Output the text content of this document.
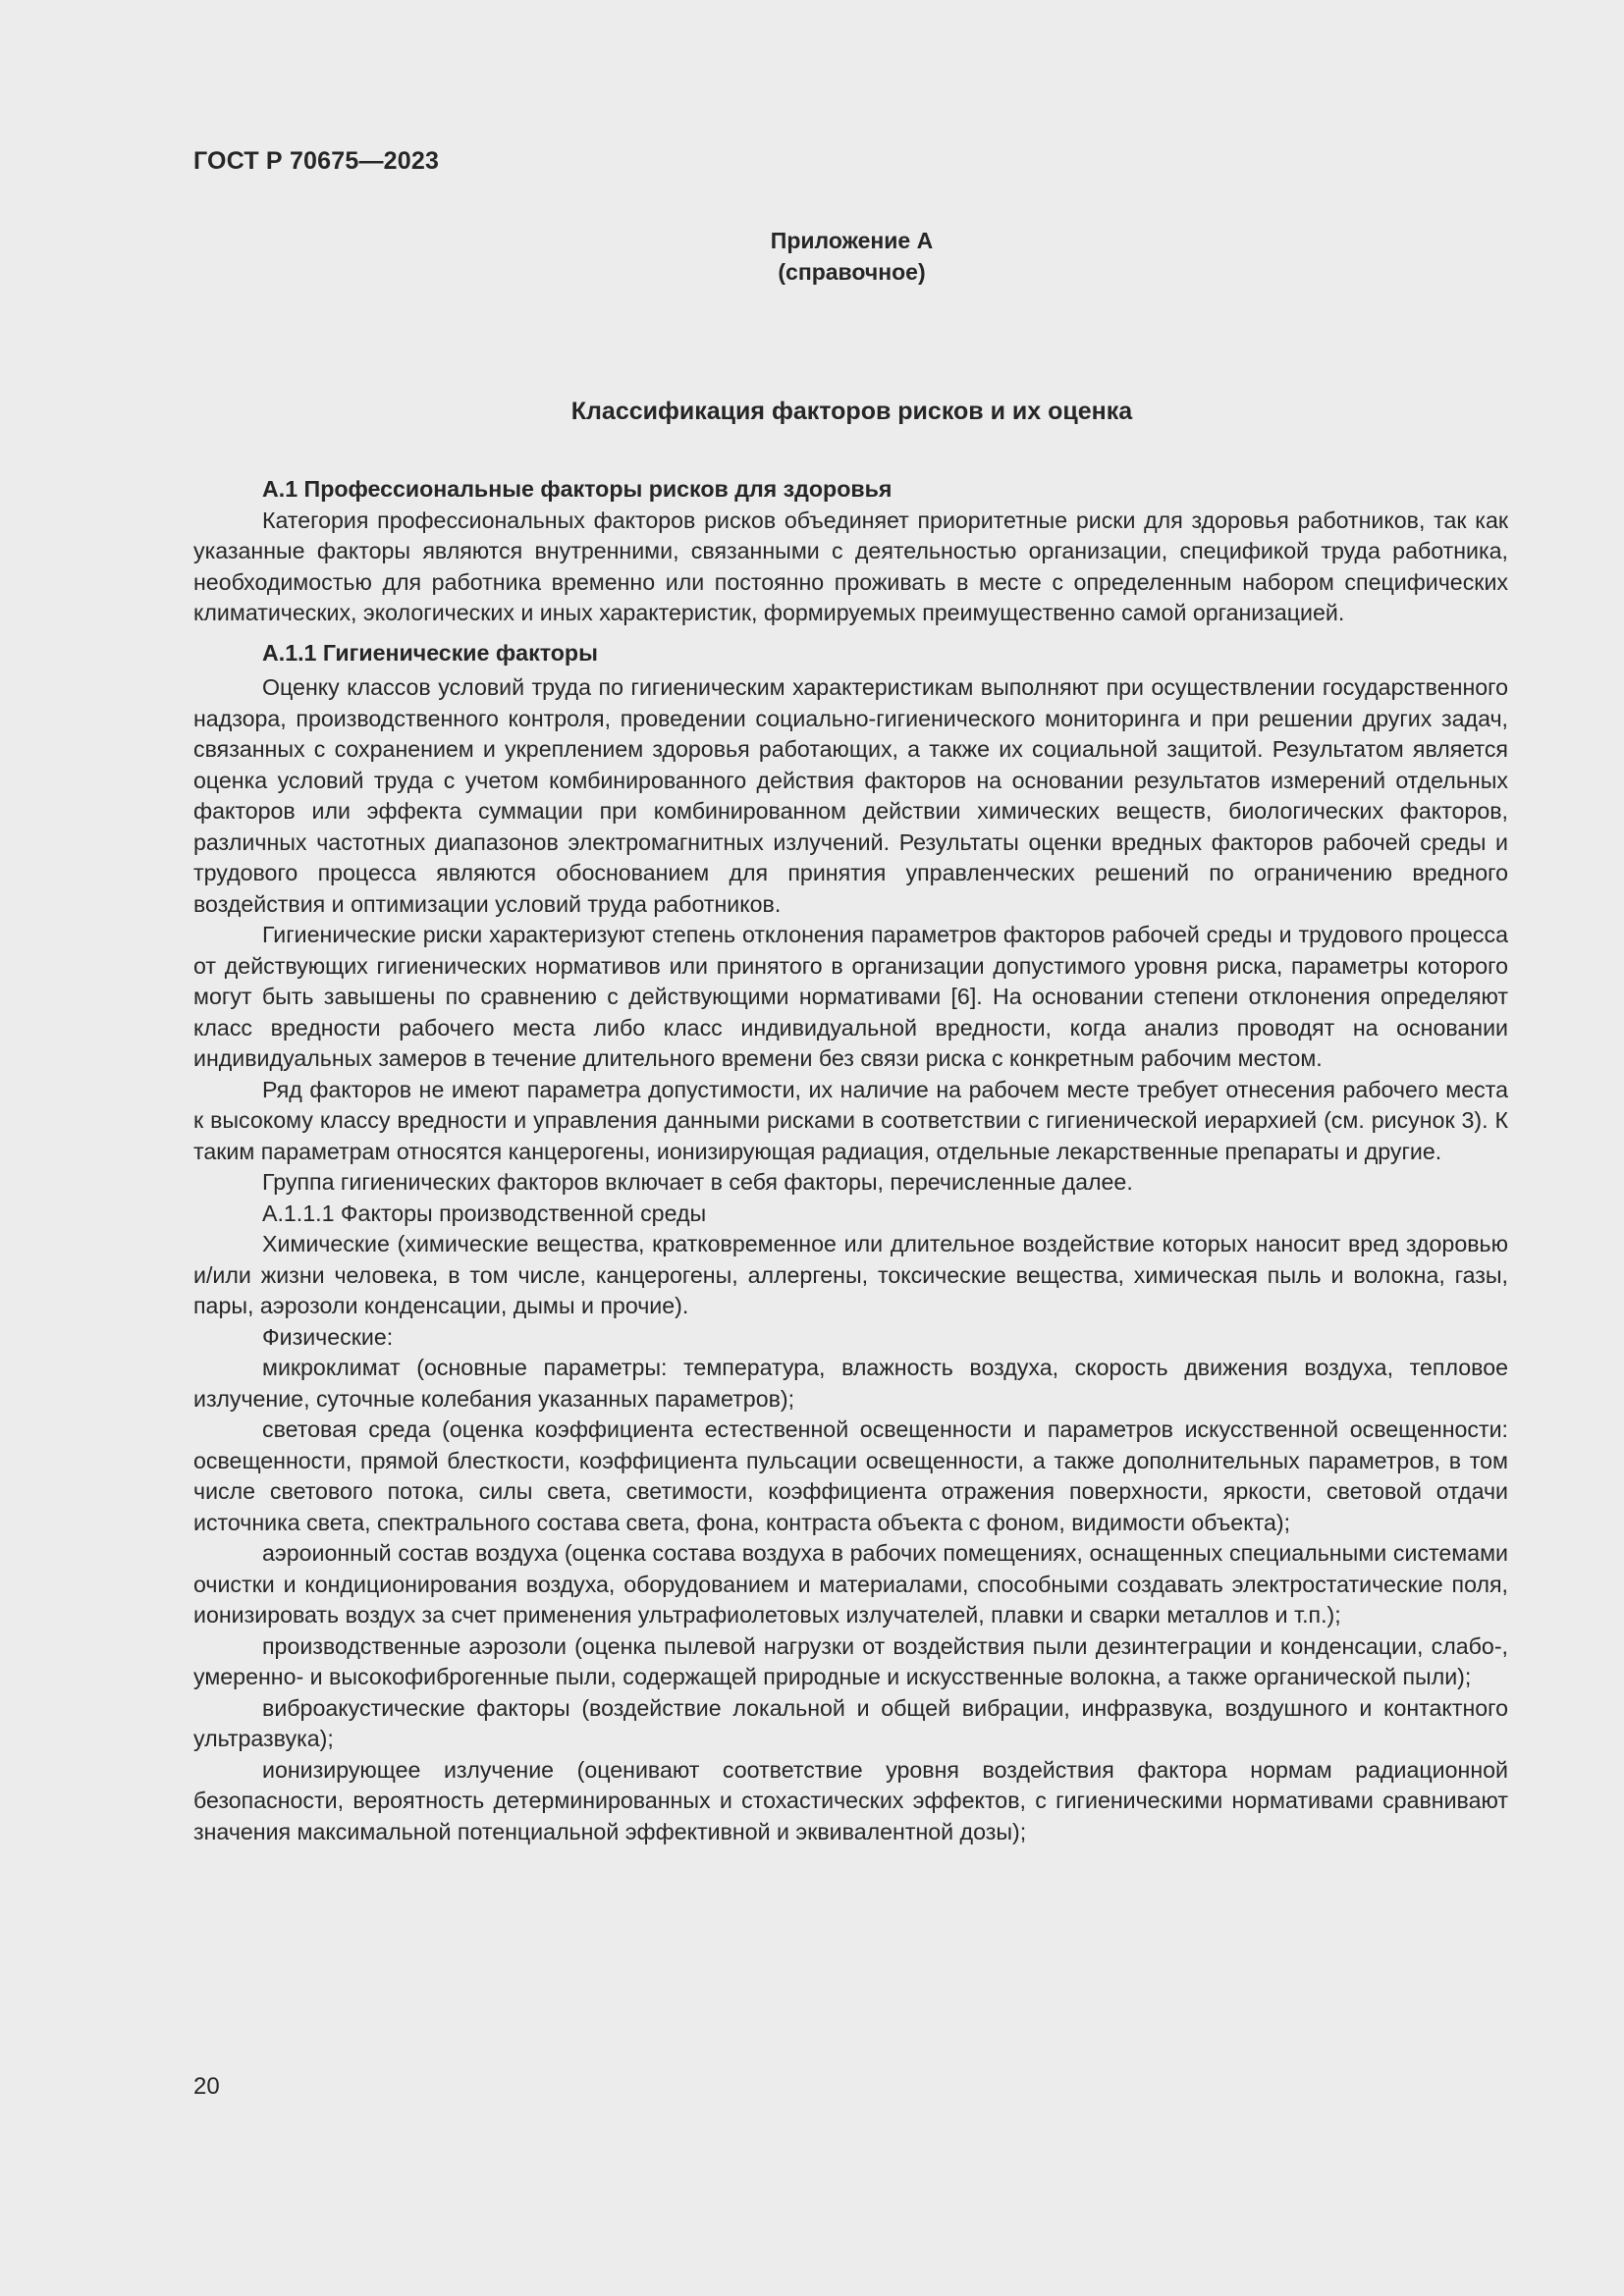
ГОСТ Р 70675—2023
Приложение А
(справочное)
Классификация факторов рисков и их оценка
А.1 Профессиональные факторы рисков для здоровья

Категория профессиональных факторов рисков объединяет приоритетные риски для здоровья работников, так как указанные факторы являются внутренними, связанными с деятельностью организации, спецификой труда работника, необходимостью для работника временно или постоянно проживать в месте с определенным набором специфических климатических, экологических и иных характеристик, формируемых преимущественно самой организацией.

А.1.1 Гигиенические факторы

Оценку классов условий труда по гигиеническим характеристикам выполняют при осуществлении государственного надзора, производственного контроля, проведении социально-гигиенического мониторинга и при решении других задач, связанных с сохранением и укреплением здоровья работающих, а также их социальной защитой. Результатом является оценка условий труда с учетом комбинированного действия факторов на основании результатов измерений отдельных факторов или эффекта суммации при комбинированном действии химических веществ, биологических факторов, различных частотных диапазонов электромагнитных излучений. Результаты оценки вредных факторов рабочей среды и трудового процесса являются обоснованием для принятия управленческих решений по ограничению вредного воздействия и оптимизации условий труда работников.

Гигиенические риски характеризуют степень отклонения параметров факторов рабочей среды и трудового процесса от действующих гигиенических нормативов или принятого в организации допустимого уровня риска, параметры которого могут быть завышены по сравнению с действующими нормативами [6]. На основании степени отклонения определяют класс вредности рабочего места либо класс индивидуальной вредности, когда анализ проводят на основании индивидуальных замеров в течение длительного времени без связи риска с конкретным рабочим местом.

Ряд факторов не имеют параметра допустимости, их наличие на рабочем месте требует отнесения рабочего места к высокому классу вредности и управления данными рисками в соответствии с гигиенической иерархией (см. рисунок 3). К таким параметрам относятся канцерогены, ионизирующая радиация, отдельные лекарственные препараты и другие.

Группа гигиенических факторов включает в себя факторы, перечисленные далее.

А.1.1.1 Факторы производственной среды

Химические (химические вещества, кратковременное или длительное воздействие которых наносит вред здоровью и/или жизни человека, в том числе, канцерогены, аллергены, токсические вещества, химическая пыль и волокна, газы, пары, аэрозоли конденсации, дымы и прочие).

Физические:

микроклимат (основные параметры: температура, влажность воздуха, скорость движения воздуха, тепловое излучение, суточные колебания указанных параметров);

световая среда (оценка коэффициента естественной освещенности и параметров искусственной освещенности: освещенности, прямой блесткости, коэффициента пульсации освещенности, а также дополнительных параметров, в том числе светового потока, силы света, светимости, коэффициента отражения поверхности, яркости, световой отдачи источника света, спектрального состава света, фона, контраста объекта с фоном, видимости объекта);

аэроионный состав воздуха (оценка состава воздуха в рабочих помещениях, оснащенных специальными системами очистки и кондиционирования воздуха, оборудованием и материалами, способными создавать электростатические поля, ионизировать воздух за счет применения ультрафиолетовых излучателей, плавки и сварки металлов и т.п.);

производственные аэрозоли (оценка пылевой нагрузки от воздействия пыли дезинтеграции и конденсации, слабо-, умеренно- и высокофиброгенные пыли, содержащей природные и искусственные волокна, а также органической пыли);

виброакустические факторы (воздействие локальной и общей вибрации, инфразвука, воздушного и контактного ультразвука);

ионизирующее излучение (оценивают соответствие уровня воздействия фактора нормам радиационной безопасности, вероятность детерминированных и стохастических эффектов, с гигиеническими нормативами сравнивают значения максимальной потенциальной эффективной и эквивалентной дозы);

20
